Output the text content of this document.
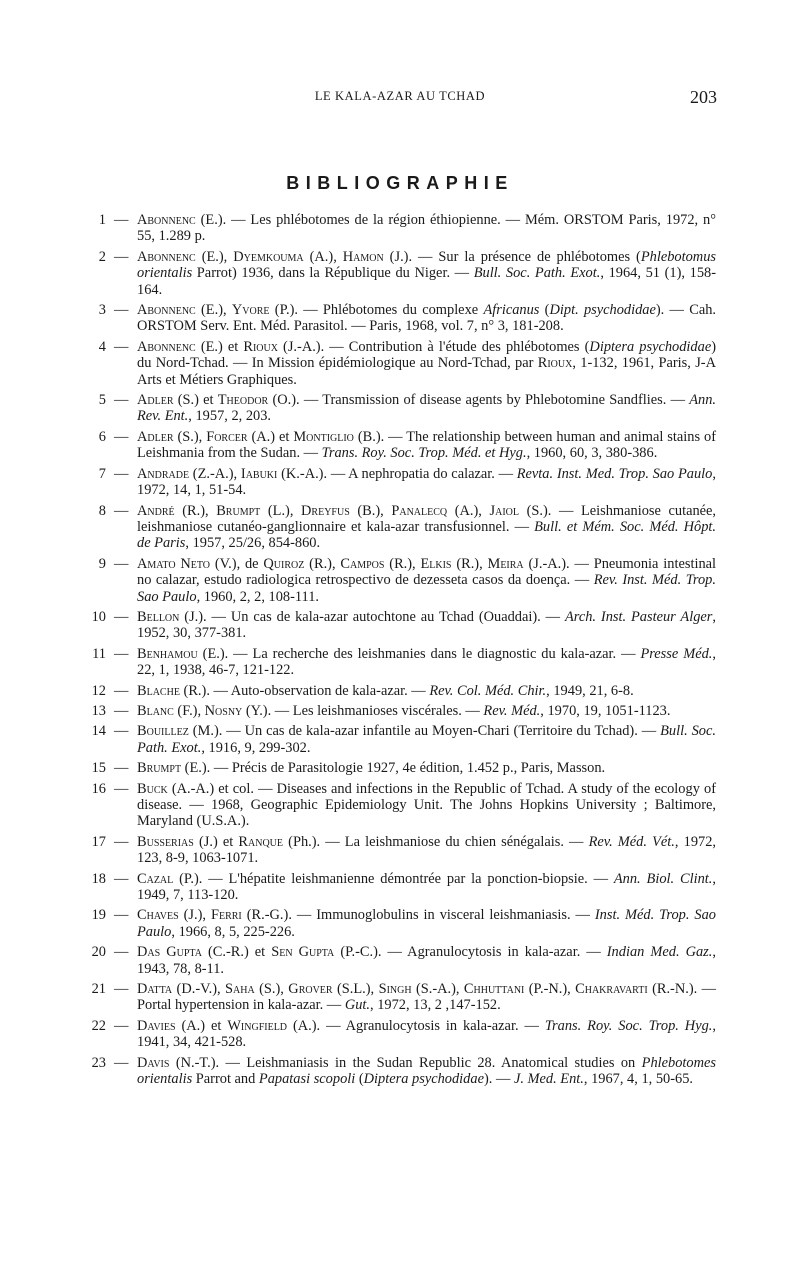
LE KALA-AZAR AU TCHAD	203
BIBLIOGRAPHIE
1 — Abonnenc (E.). — Les phlébotomes de la région éthiopienne. — Mém. ORSTOM Paris, 1972, n° 55, 1.289 p.
2 — Abonnenc (E.), Dyemkouma (A.), Hamon (J.). — Sur la présence de phlébotomes (Phlebotomus orientalis Parrot) 1936, dans la République du Niger. — Bull. Soc. Path. Exot., 1964, 51 (1), 158-164.
3 — Abonnenc (E.), Yvore (P.). — Phlébotomes du complexe Africanus (Dipt. psychodidae). — Cah. ORSTOM Serv. Ent. Méd. Parasitol. — Paris, 1968, vol. 7, n° 3, 181-208.
4 — Abonnenc (E.) et Rioux (J.-A.). — Contribution à l'étude des phlébotomes (Diptera psychodidae) du Nord-Tchad. — In Mission épidémiologique au Nord-Tchad, par Rioux, 1-132, 1961, Paris, J-A Arts et Métiers Graphiques.
5 — Adler (S.) et Theodor (O.). — Transmission of disease agents by Phlebotomine Sandflies. — Ann. Rev. Ent., 1957, 2, 203.
6 — Adler (S.), Forcer (A.) et Montiglio (B.). — The relationship between human and animal stains of Leishmania from the Sudan. — Trans. Roy. Soc. Trop. Méd. et Hyg., 1960, 60, 3, 380-386.
7 — Andrade (Z.-A.), Iabuki (K.-A.). — A nephropatia do calazar. — Revta. Inst. Med. Trop. Sao Paulo, 1972, 14, 1, 51-54.
8 — André (R.), Brumpt (L.), Dreyfus (B.), Panalecq (A.), Jaiol (S.). — Leishmaniose cutanée, leishmaniose cutanéo-ganglionnaire et kala-azar transfusionnel. — Bull. et Mém. Soc. Méd. Hôpt. de Paris, 1957, 25/26, 854-860.
9 — Amato Neto (V.), de Quiroz (R.), Campos (R.), Elkis (R.), Meira (J.-A.). — Pneumonia intestinal no calazar, estudo radiologica retrospectivo de dezesseta casos da doença. — Rev. Inst. Méd. Trop. Sao Paulo, 1960, 2, 2, 108-111.
10 — Bellon (J.). — Un cas de kala-azar autochtone au Tchad (Ouaddai). — Arch. Inst. Pasteur Alger, 1952, 30, 377-381.
11 — Benhamou (E.). — La recherche des leishmanies dans le diagnostic du kala-azar. — Presse Méd., 22, 1, 1938, 46-7, 121-122.
12 — Blache (R.). — Auto-observation de kala-azar. — Rev. Col. Méd. Chir., 1949, 21, 6-8.
13 — Blanc (F.), Nosny (Y.). — Les leishmanioses viscérales. — Rev. Méd., 1970, 19, 1051-1123.
14 — Bouillez (M.). — Un cas de kala-azar infantile au Moyen-Chari (Territoire du Tchad). — Bull. Soc. Path. Exot., 1916, 9, 299-302.
15 — Brumpt (E.). — Précis de Parasitologie 1927, 4e édition, 1.452 p., Paris, Masson.
16 — Buck (A.-A.) et col. — Diseases and infections in the Republic of Tchad. A study of the ecology of disease. — 1968, Geographic Epidemiology Unit. The Johns Hopkins University ; Baltimore, Maryland (U.S.A.).
17 — Busserias (J.) et Ranque (Ph.). — La leishmaniose du chien sénégalais. — Rev. Méd. Vét., 1972, 123, 8-9, 1063-1071.
18 — Cazal (P.). — L'hépatite leishmanienne démontrée par la ponction-biopsie. — Ann. Biol. Clint., 1949, 7, 113-120.
19 — Chaves (J.), Ferri (R.-G.). — Immunoglobulins in visceral leishmaniasis. — Inst. Méd. Trop. Sao Paulo, 1966, 8, 5, 225-226.
20 — Das Gupta (C.-R.) et Sen Gupta (P.-C.). — Agranulocytosis in kala-azar. — Indian Med. Gaz., 1943, 78, 8-11.
21 — Datta (D.-V.), Saha (S.), Grover (S.L.), Singh (S.-A.), Chhuttani (P.-N.), Chakravarti (R.-N.). — Portal hypertension in kala-azar. — Gut., 1972, 13, 2 ,147-152.
22 — Davies (A.) et Wingfield (A.). — Agranulocytosis in kala-azar. — Trans. Roy. Soc. Trop. Hyg., 1941, 34, 421-528.
23 — Davis (N.-T.). — Leishmaniasis in the Sudan Republic 28. Anatomical studies on Phlebotomes orientalis Parrot and Papatasi scopoli (Diptera psychodidae). — J. Med. Ent., 1967, 4, 1, 50-65.
